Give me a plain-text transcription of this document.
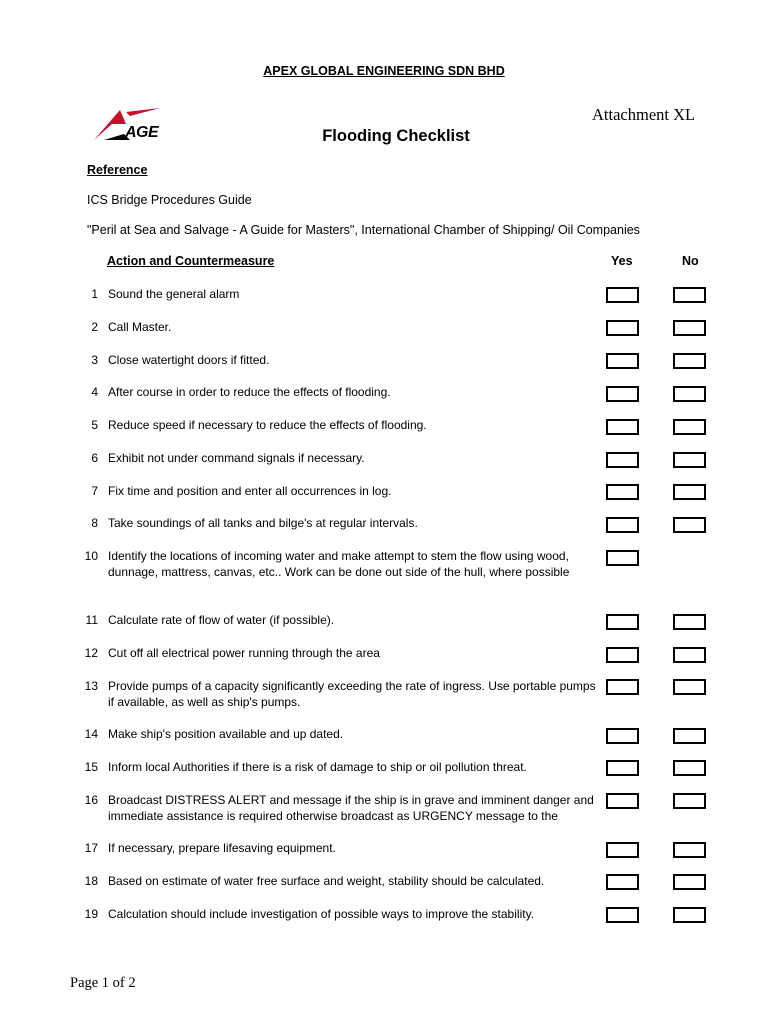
APEX GLOBAL ENGINEERING SDN BHD
AGE
Attachment XL
Flooding Checklist
Reference
ICS Bridge Procedures Guide
"Peril at Sea and Salvage - A Guide for Masters", International Chamber of Shipping/ Oil Companies
Action and Countermeasure	Yes	No
1 Sound the general alarm
2 Call Master.
3 Close watertight doors if fitted.
4 After course in order to reduce the effects of flooding.
5 Reduce speed if necessary to reduce the effects of flooding.
6 Exhibit not under command signals if necessary.
7 Fix time and position and enter all occurrences in log.
8 Take soundings of all tanks and bilge's at regular intervals.
10 Identify the locations of incoming water and make attempt to stem the flow using wood, dunnage, mattress, canvas, etc.. Work can be done out side of the hull, where possible
11 Calculate rate of flow of water (if possible).
12 Cut off all electrical power running through the area
13 Provide pumps of a capacity significantly exceeding the rate of ingress. Use portable pumps if available, as well as ship's pumps.
14 Make ship's position available and up dated.
15 Inform local Authorities if there is a risk of damage to ship or oil pollution threat.
16 Broadcast DISTRESS ALERT and message if the ship is in grave and imminent danger and immediate assistance is required otherwise broadcast as URGENCY message to the
17 If necessary, prepare lifesaving equipment.
18 Based on estimate of water free surface and weight, stability should be calculated.
19 Calculation should include investigation of possible ways to improve the stability.
Page 1 of 2
